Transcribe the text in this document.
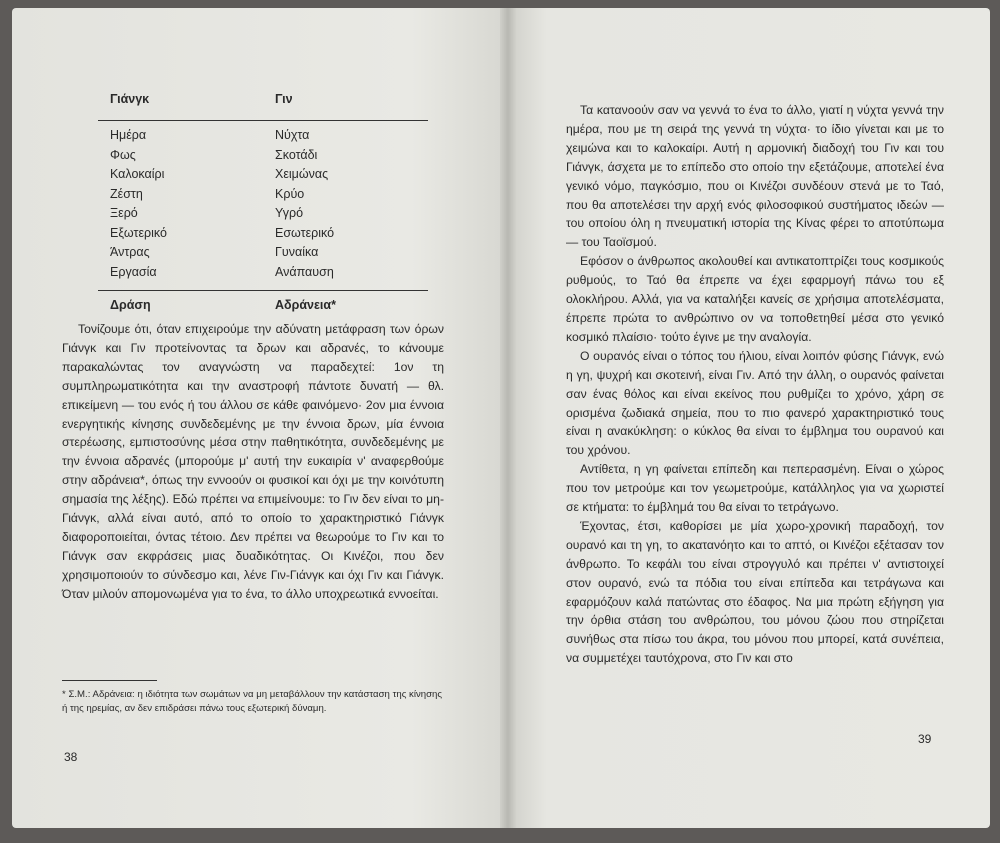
Γιάνγκ	Γιν
Ημέρα	Νύχτα
Φως	Σκοτάδι
Καλοκαίρι	Χειμώνας
Ζέστη	Κρύο
Ξερό	Υγρό
Εξωτερικό	Εσωτερικό
Άντρας	Γυναίκα
Εργασία	Ανάπαυση
Δράση	Αδράνεια*
Τονίζουμε ότι, όταν επιχειρούμε την αδύνατη μετάφραση των όρων Γιάνγκ και Γιν προτείνοντας τα δρων και αδρανές, το κάνουμε παρακαλώντας τον αναγνώστη να παραδεχτεί: 1ον τη συμπληρωματικότητα και την αναστροφή πάντοτε δυνατή — θλ. επικείμενη — του ενός ή του άλλου σε κάθε φαινόμενο· 2ον μια έννοια ενεργητικής κίνησης συνδεδεμένης με την έννοια δρων, μία έννοια στερέωσης, εμπιστοσύνης μέσα στην παθητικότητα, συνδεδεμένης με την έννοια αδρανές (μπορούμε μ' αυτή την ευκαιρία ν' αναφερθούμε στην αδράνεια*, όπως την εννοούν οι φυσικοί και όχι με την κοινότυπη σημασία της λέξης). Εδώ πρέπει να επιμείνουμε: το Γιν δεν είναι το μη-Γιάνγκ, αλλά είναι αυτό, από το οποίο το χαρακτηριστικό Γιάνγκ διαφοροποιείται, όντας τέτοιο. Δεν πρέπει να θεωρούμε το Γιν και το Γιάνγκ σαν εκφράσεις μιας δυαδικότητας. Οι Κινέζοι, που δεν χρησιμοποιούν το σύνδεσμο και, λένε Γιν-Γιάνγκ και όχι Γιν και Γιάνγκ. Όταν μιλούν απομονωμένα για το ένα, το άλλο υποχρεωτικά εννοείται.
* Σ.Μ.: Αδράνεια: η ιδιότητα των σωμάτων να μη μεταβάλλουν την κατάσταση της κίνησης ή της ηρεμίας, αν δεν επιδράσει πάνω τους εξωτερική δύναμη.
38

Τα κατανοούν σαν να γεννά το ένα το άλλο, γιατί η νύχτα γεννά την ημέρα, που με τη σειρά της γεννά τη νύχτα· το ίδιο γίνεται και με το χειμώνα και το καλοκαίρι. Αυτή η αρμονική διαδοχή του Γιν και του Γιάνγκ, άσχετα με το επίπεδο στο οποίο την εξετάζουμε, αποτελεί ένα γενικό νόμο, παγκόσμιο, που οι Κινέζοι συνδέουν στενά με το Ταό, που θα αποτελέσει την αρχή ενός φιλοσοφικού συστήματος ιδεών — του οποίου όλη η πνευματική ιστορία της Κίνας φέρει το αποτύπωμα — του Ταοϊσμού.

Εφόσον ο άνθρωπος ακολουθεί και αντικατοπτρίζει τους κοσμικούς ρυθμούς, το Ταό θα έπρεπε να έχει εφαρμογή πάνω του εξ ολοκλήρου. Αλλά, για να καταλήξει κανείς σε χρήσιμα αποτελέσματα, έπρεπε πρώτα το ανθρώπινο ον να τοποθετηθεί μέσα στο γενικό κοσμικό πλαίσιο· τούτο έγινε με την αναλογία.

Ο ουρανός είναι ο τόπος του ήλιου, είναι λοιπόν φύσης Γιάνγκ, ενώ η γη, ψυχρή και σκοτεινή, είναι Γιν. Από την άλλη, ο ουρανός φαίνεται σαν ένας θόλος και είναι εκείνος που ρυθμίζει το χρόνο, χάρη σε ορισμένα ζωδιακά σημεία, που το πιο φανερό χαρακτηριστικό τους είναι η ανακύκληση: ο κύκλος θα είναι το έμβλημα του ουρανού και του χρόνου.

Αντίθετα, η γη φαίνεται επίπεδη και πεπερασμένη. Είναι ο χώρος που τον μετρούμε και τον γεωμετρούμε, κατάλληλος για να χωριστεί σε κτήματα: το έμβλημά του θα είναι το τετράγωνο.

Έχοντας, έτσι, καθορίσει με μία χωρο-χρονική παραδοχή, τον ουρανό και τη γη, το ακατανόητο και το απτό, οι Κινέζοι εξέτασαν τον άνθρωπο. Το κεφάλι του είναι στρογγυλό και πρέπει ν' αντιστοιχεί στον ουρανό, ενώ τα πόδια του είναι επίπεδα και τετράγωνα και εφαρμόζουν καλά πατώντας στο έδαφος. Να μια πρώτη εξήγηση για την όρθια στάση του ανθρώπου, του μόνου ζώου που στηρίζεται συνήθως στα πίσω του άκρα, του μόνου που μπορεί, κατά συνέπεια, να συμμετέχει ταυτόχρονα, στο Γιν και στο

39
